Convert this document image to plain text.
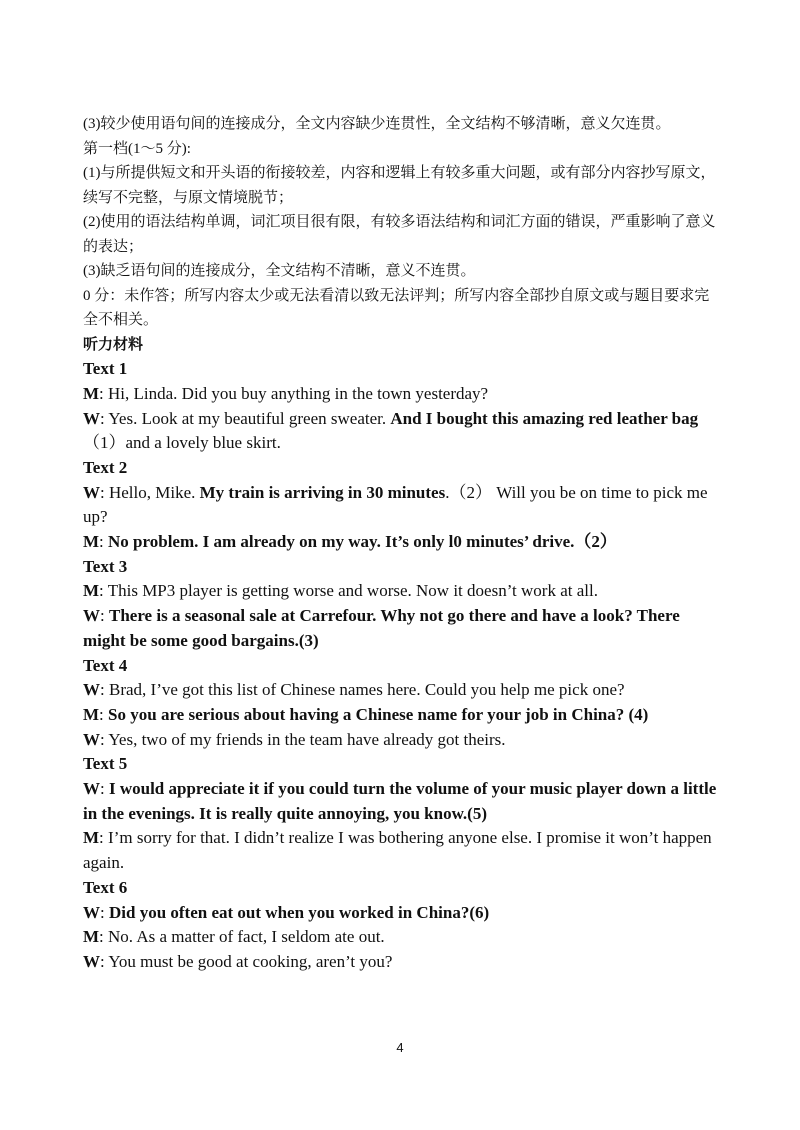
(3)较少使用语句间的连接成分，全文内容缺少连贯性，全文结构不够清晰，意义欠连贯。

第一档(1～5 分):

(1)与所提供短文和开头语的衔接较差，内容和逻辑上有较多重大问题，或有部分内容抄写原文，续写不完整，与原文情境脱节；

(2)使用的语法结构单调，词汇项目很有限，有较多语法结构和词汇方面的错误，严重影响了意义的表达；

(3)缺乏语句间的连接成分，全文结构不清晰，意义不连贯。

0 分：未作答；所写内容太少或无法看清以致无法评判；所写内容全部抄自原文或与题目要求完全不相关。

听力材料

Text 1

M: Hi, Linda. Did you buy anything in the town yesterday?

W: Yes. Look at my beautiful green sweater. And I bought this amazing red leather bag（1）and a lovely blue skirt.

Text 2

W: Hello, Mike. My train is arriving in 30 minutes.（2） Will you be on time to pick me up?

M: No problem. I am already on my way. It’s only l0 minutes’ drive.（2）

Text 3

M: This MP3 player is getting worse and worse. Now it doesn’t work at all.

W: There is a seasonal sale at Carrefour. Why not go there and have a look? There might be some good bargains.(3)

Text 4

W: Brad, I’ve got this list of Chinese names here. Could you help me pick one?

M: So you are serious about having a Chinese name for your job in China? (4)

W: Yes, two of my friends in the team have already got theirs.

Text 5

W: I would appreciate it if you could turn the volume of your music player down a little in the evenings. It is really quite annoying, you know.(5)

M: I’m sorry for that. I didn’t realize I was bothering anyone else. I promise it won’t happen again.

Text 6

W: Did you often eat out when you worked in China?(6)

M: No. As a matter of fact, I seldom ate out.

W: You must be good at cooking, aren’t you?

4
